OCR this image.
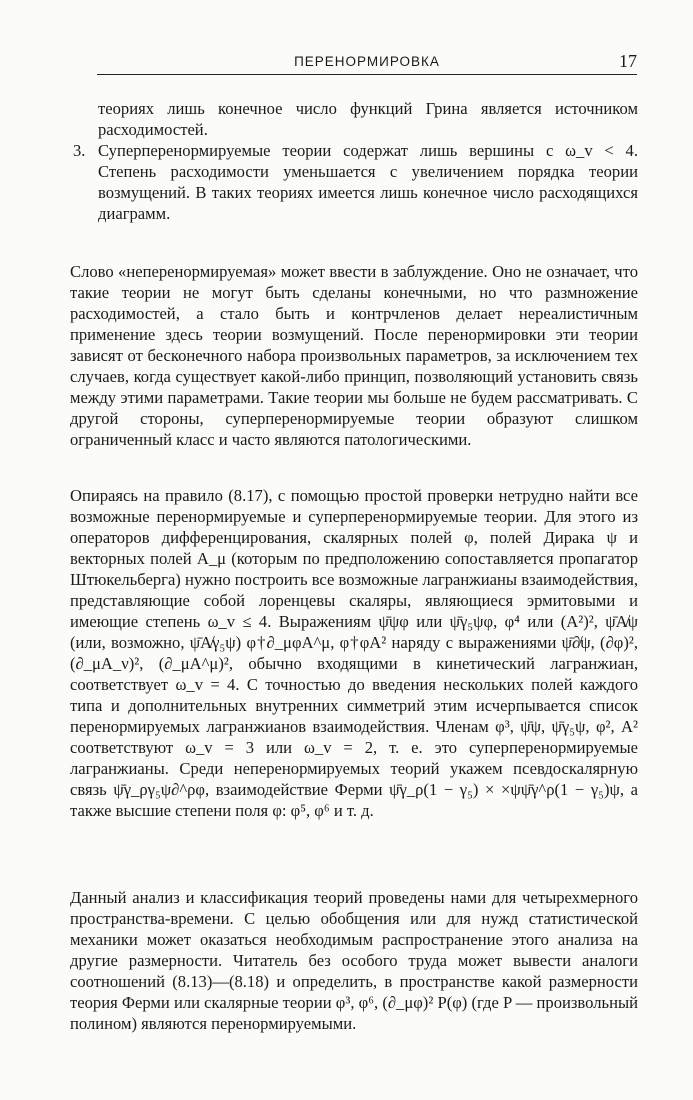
ПЕРЕНОРМИРОВКА	17

теориях лишь конечное число функций Грина является источником расходимостей.

3. Суперперенормируемые теории содержат лишь вершины с ω_v < 4. Степень расходимости уменьшается с увеличением порядка теории возмущений. В таких теориях имеется лишь конечное число расходящихся диаграмм.

Слово «неперенормируемая» может ввести в заблуждение. Оно не означает, что такие теории не могут быть сделаны конечными, но что размножение расходимостей, а стало быть и контрчленов делает нереалистичным применение здесь теории возмущений. После перенормировки эти теории зависят от бесконечного набора произвольных параметров, за исключением тех случаев, когда существует какой-либо принцип, позволяющий установить связь между этими параметрами. Такие теории мы больше не будем рассматривать. С другой стороны, суперперенормируемые теории образуют слишком ограниченный класс и часто являются патологическими.

Опираясь на правило (8.17), с помощью простой проверки нетрудно найти все возможные перенормируемые и суперперенормируемые теории. Для этого из операторов дифференцирования, скалярных полей φ, полей Дирака ψ и векторных полей A_μ (которым по предположению сопоставляется пропагатор Штюкельберга) нужно построить все возможные лагранжианы взаимодействия, представляющие собой лоренцевы скаляры, являющиеся эрмитовыми и имеющие степень ω_v ≤ 4. Выражениям ψ̄ψφ или ψ̄γ₅ψφ, φ⁴ или (A²)², ψ̄A̸ψ (или, возможно, ψ̄A̸γ₅ψ) φ†∂_μφA^μ, φ†φA² наряду с выражениями ψ̄∂̸ψ, (∂φ)², (∂_μA_ν)², (∂_μA^μ)², обычно входящими в кинетический лагранжиан, соответствует ω_v = 4. С точностью до введения нескольких полей каждого типа и дополнительных внутренних симметрий этим исчерпывается список перенормируемых лагранжианов взаимодействия. Членам φ³, ψ̄ψ, ψ̄γ₅ψ, φ², A² соответствуют ω_v = 3 или ω_v = 2, т. е. это суперперенормируемые лагранжианы. Среди неперенормируемых теорий укажем псевдоскалярную связь ψ̄γ_ργ₅ψ∂^ρφ, взаимодействие Ферми ψ̄γ_ρ(1 − γ₅) × ×ψψ̄γ^ρ(1 − γ₅)ψ, а также высшие степени поля φ: φ⁵, φ⁶ и т. д.

Данный анализ и классификация теорий проведены нами для четырехмерного пространства-времени. С целью обобщения или для нужд статистической механики может оказаться необходимым распространение этого анализа на другие размерности. Читатель без особого труда может вывести аналоги соотношений (8.13)—(8.18) и определить, в пространстве какой размерности теория Ферми или скалярные теории φ³, φ⁶, (∂_μφ)² P(φ) (где P — произвольный полином) являются перенормируемыми.
